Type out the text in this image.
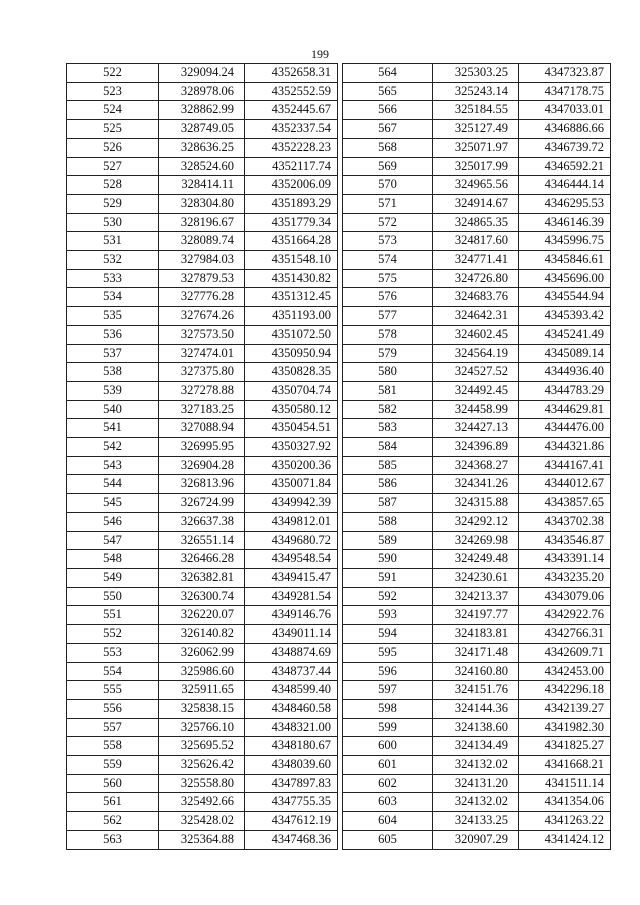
199
522	329094.24	4352658.31
523	328978.06	4352552.59
524	328862.99	4352445.67
525	328749.05	4352337.54
526	328636.25	4352228.23
527	328524.60	4352117.74
528	328414.11	4352006.09
529	328304.80	4351893.29
530	328196.67	4351779.34
531	328089.74	4351664.28
532	327984.03	4351548.10
533	327879.53	4351430.82
534	327776.28	4351312.45
535	327674.26	4351193.00
536	327573.50	4351072.50
537	327474.01	4350950.94
538	327375.80	4350828.35
539	327278.88	4350704.74
540	327183.25	4350580.12
541	327088.94	4350454.51
542	326995.95	4350327.92
543	326904.28	4350200.36
544	326813.96	4350071.84
545	326724.99	4349942.39
546	326637.38	4349812.01
547	326551.14	4349680.72
548	326466.28	4349548.54
549	326382.81	4349415.47
550	326300.74	4349281.54
551	326220.07	4349146.76
552	326140.82	4349011.14
553	326062.99	4348874.69
554	325986.60	4348737.44
555	325911.65	4348599.40
556	325838.15	4348460.58
557	325766.10	4348321.00
558	325695.52	4348180.67
559	325626.42	4348039.60
560	325558.80	4347897.83
561	325492.66	4347755.35
562	325428.02	4347612.19
563	325364.88	4347468.36
564	325303.25	4347323.87
565	325243.14	4347178.75
566	325184.55	4347033.01
567	325127.49	4346886.66
568	325071.97	4346739.72
569	325017.99	4346592.21
570	324965.56	4346444.14
571	324914.67	4346295.53
572	324865.35	4346146.39
573	324817.60	4345996.75
574	324771.41	4345846.61
575	324726.80	4345696.00
576	324683.76	4345544.94
577	324642.31	4345393.42
578	324602.45	4345241.49
579	324564.19	4345089.14
580	324527.52	4344936.40
581	324492.45	4344783.29
582	324458.99	4344629.81
583	324427.13	4344476.00
584	324396.89	4344321.86
585	324368.27	4344167.41
586	324341.26	4344012.67
587	324315.88	4343857.65
588	324292.12	4343702.38
589	324269.98	4343546.87
590	324249.48	4343391.14
591	324230.61	4343235.20
592	324213.37	4343079.06
593	324197.77	4342922.76
594	324183.81	4342766.31
595	324171.48	4342609.71
596	324160.80	4342453.00
597	324151.76	4342296.18
598	324144.36	4342139.27
599	324138.60	4341982.30
600	324134.49	4341825.27
601	324132.02	4341668.21
602	324131.20	4341511.14
603	324132.02	4341354.06
604	324133.25	4341263.22
605	320907.29	4341424.12
